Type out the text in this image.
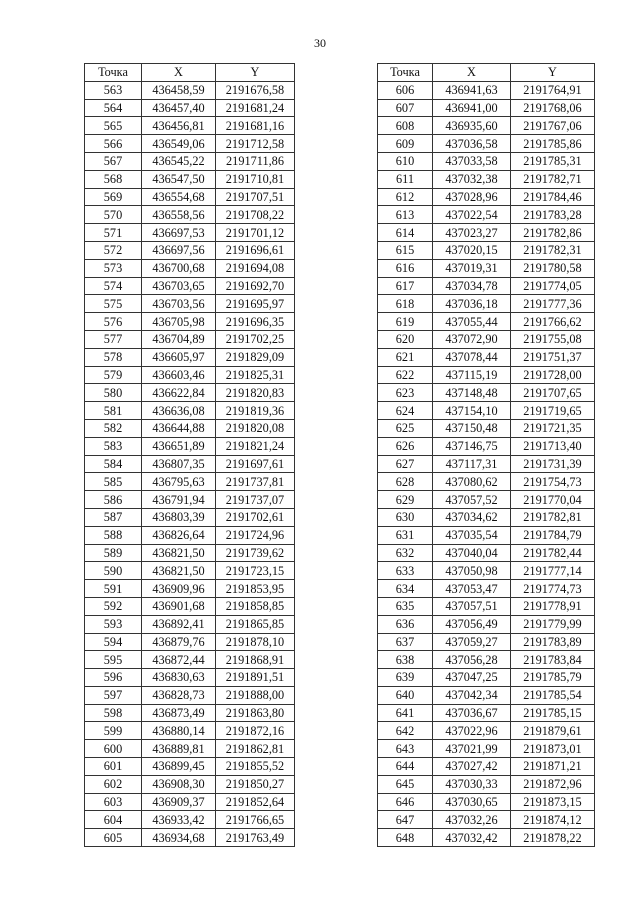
30
Точка	X	Y
563	436458,59	2191676,58
564	436457,40	2191681,24
565	436456,81	2191681,16
566	436549,06	2191712,58
567	436545,22	2191711,86
568	436547,50	2191710,81
569	436554,68	2191707,51
570	436558,56	2191708,22
571	436697,53	2191701,12
572	436697,56	2191696,61
573	436700,68	2191694,08
574	436703,65	2191692,70
575	436703,56	2191695,97
576	436705,98	2191696,35
577	436704,89	2191702,25
578	436605,97	2191829,09
579	436603,46	2191825,31
580	436622,84	2191820,83
581	436636,08	2191819,36
582	436644,88	2191820,08
583	436651,89	2191821,24
584	436807,35	2191697,61
585	436795,63	2191737,81
586	436791,94	2191737,07
587	436803,39	2191702,61
588	436826,64	2191724,96
589	436821,50	2191739,62
590	436821,50	2191723,15
591	436909,96	2191853,95
592	436901,68	2191858,85
593	436892,41	2191865,85
594	436879,76	2191878,10
595	436872,44	2191868,91
596	436830,63	2191891,51
597	436828,73	2191888,00
598	436873,49	2191863,80
599	436880,14	2191872,16
600	436889,81	2191862,81
601	436899,45	2191855,52
602	436908,30	2191850,27
603	436909,37	2191852,64
604	436933,42	2191766,65
605	436934,68	2191763,49
Точка	X	Y
606	436941,63	2191764,91
607	436941,00	2191768,06
608	436935,60	2191767,06
609	437036,58	2191785,86
610	437033,58	2191785,31
611	437032,38	2191782,71
612	437028,96	2191784,46
613	437022,54	2191783,28
614	437023,27	2191782,86
615	437020,15	2191782,31
616	437019,31	2191780,58
617	437034,78	2191774,05
618	437036,18	2191777,36
619	437055,44	2191766,62
620	437072,90	2191755,08
621	437078,44	2191751,37
622	437115,19	2191728,00
623	437148,48	2191707,65
624	437154,10	2191719,65
625	437150,48	2191721,35
626	437146,75	2191713,40
627	437117,31	2191731,39
628	437080,62	2191754,73
629	437057,52	2191770,04
630	437034,62	2191782,81
631	437035,54	2191784,79
632	437040,04	2191782,44
633	437050,98	2191777,14
634	437053,47	2191774,73
635	437057,51	2191778,91
636	437056,49	2191779,99
637	437059,27	2191783,89
638	437056,28	2191783,84
639	437047,25	2191785,79
640	437042,34	2191785,54
641	437036,67	2191785,15
642	437022,96	2191879,61
643	437021,99	2191873,01
644	437027,42	2191871,21
645	437030,33	2191872,96
646	437030,65	2191873,15
647	437032,26	2191874,12
648	437032,42	2191878,22
